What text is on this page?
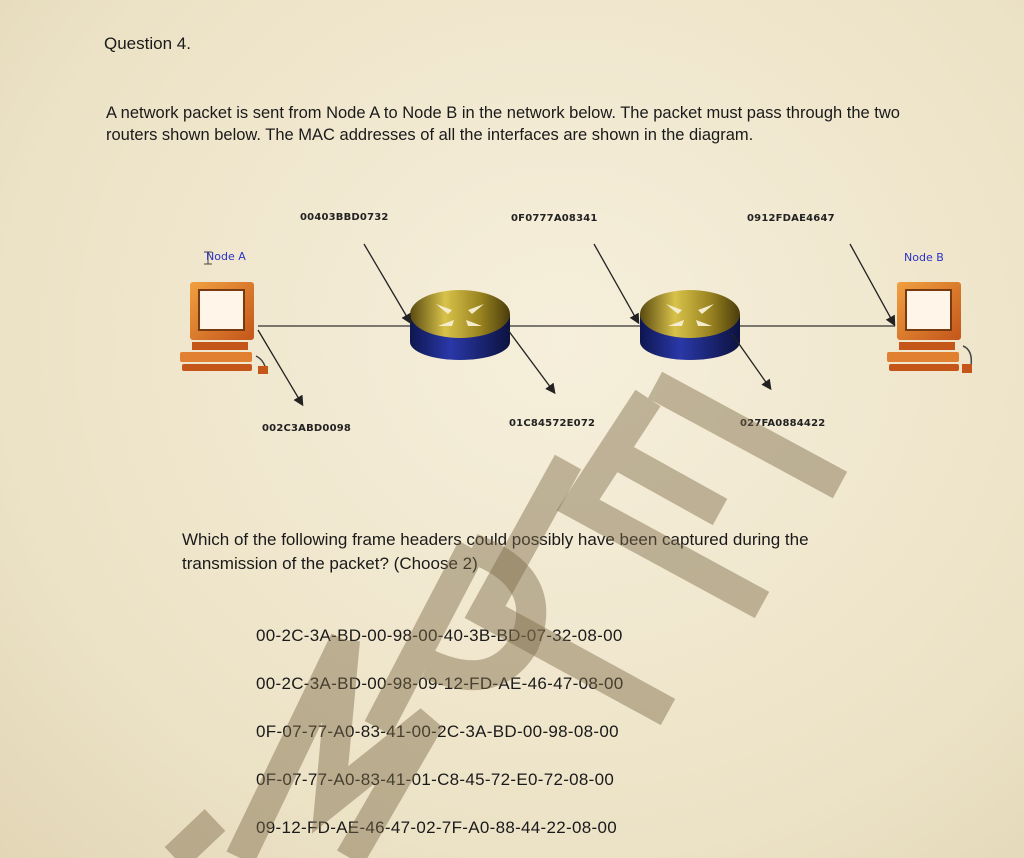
Question 4.
A network packet is sent from Node A to Node B in the network below. The packet must pass through the two routers shown below. The MAC addresses of all the interfaces are shown in the diagram.
Node A	Node B
00403BBD0732	0F0777A08341	0912FDAE4647
002C3ABD0098	01C84572E072	027FA0884422
Which of the following frame headers could possibly have been captured during the transmission of the packet? (Choose 2)
00-2C-3A-BD-00-98-00-40-3B-BD-07-32-08-00
00-2C-3A-BD-00-98-09-12-FD-AE-46-47-08-00
0F-07-77-A0-83-41-00-2C-3A-BD-00-98-08-00
0F-07-77-A0-83-41-01-C8-45-72-E0-72-08-00
09-12-FD-AE-46-47-02-7F-A0-88-44-22-08-00
